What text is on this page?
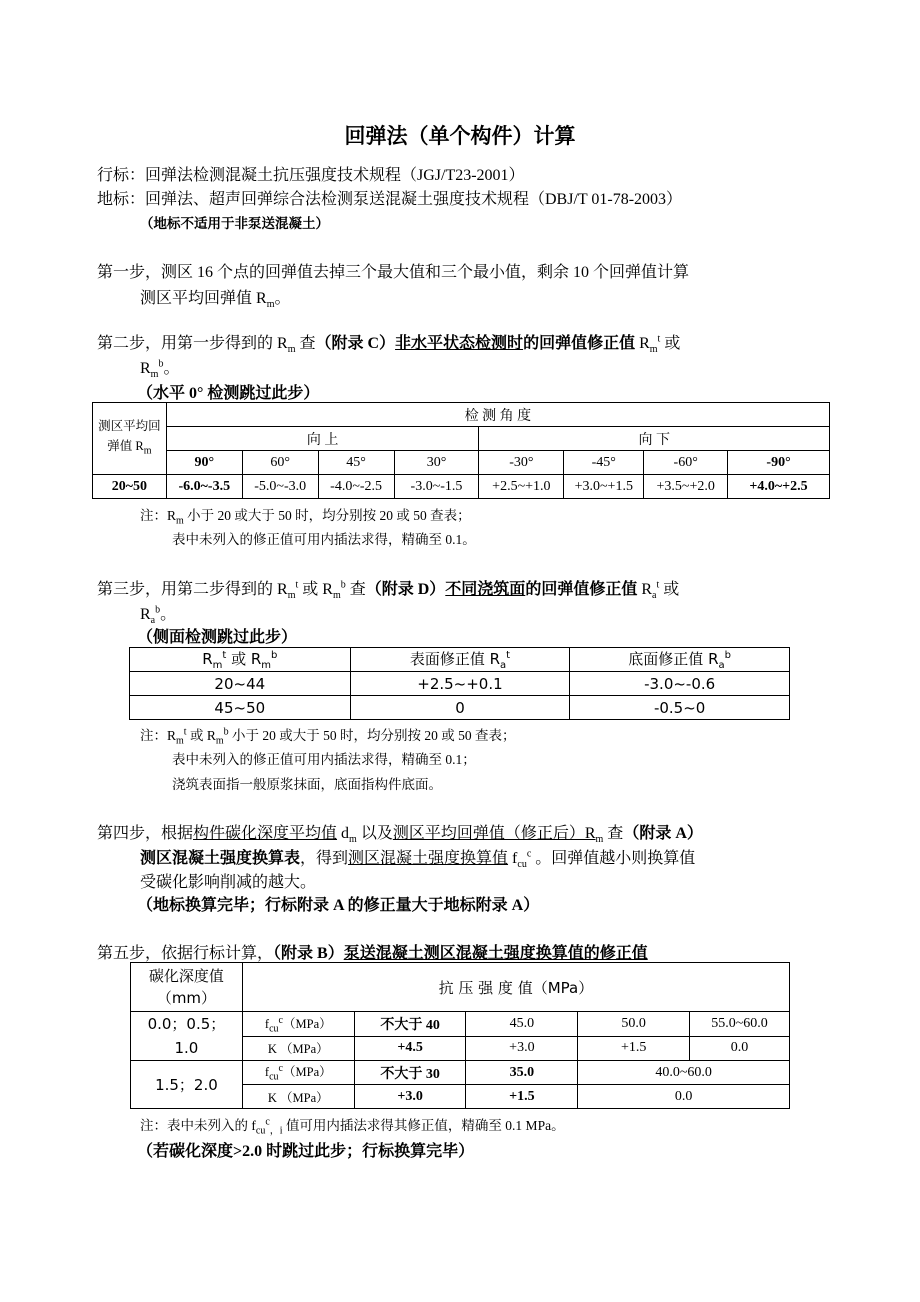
回弹法（单个构件）计算
行标：回弹法检测混凝土抗压强度技术规程（JGJ/T23-2001）
地标：回弹法、超声回弹综合法检测泵送混凝土强度技术规程（DBJ/T 01-78-2003）
（地标不适用于非泵送混凝土）
第一步，测区 16 个点的回弹值去掉三个最大值和三个最小值，剩余 10 个回弹值计算
测区平均回弹值 $R_m$。
第二步，用第一步得到的 $R_m$ 查（附录 C）非水平状态检测时的回弹值修正值 $R_m^t$ 或
$R_m^b$。
（水平 0° 检测跳过此步）
测区平均回弹值 $R_m$	检 测 角 度							
	向 上				向 下			
	90°	60°	45°	30°	-30°	-45°	-60°	-90°
20~50	-6.0~-3.5	-5.0~-3.0	-4.0~-2.5	-3.0~-1.5	+2.5~+1.0	+3.0~+1.5	+3.5~+2.0	+4.0~+2.5
注：$R_m$ 小于 20 或大于 50 时，均分别按 20 或 50 查表；
表中未列入的修正值可用内插法求得，精确至 0.1。
第三步，用第二步得到的 $R_m^t$ 或 $R_m^b$ 查（附录 D）不同浇筑面的回弹值修正值 $R_a^t$ 或
$R_a^b$。
（侧面检测跳过此步）
$R_m^t$ 或 $R_m^b$	表面修正值 $R_a^t$	底面修正值 $R_a^b$
20~44	+2.5~+0.1	-3.0~-0.6
45~50	0	-0.5~0
注：$R_m^t$ 或 $R_m^b$ 小于 20 或大于 50 时，均分别按 20 或 50 查表；
表中未列入的修正值可用内插法求得，精确至 0.1；
浇筑表面指一般原浆抹面，底面指构件底面。
第四步，根据构件碳化深度平均值 $d_m$ 以及测区平均回弹值（修正后）$R_m$ 查（附录 A）
测区混凝土强度换算表，得到测区混凝土强度换算值 $f_{cu}^c$ 。回弹值越小则换算值
受碳化影响削减的越大。
（地标换算完毕；行标附录 A 的修正量大于地标附录 A）
第五步，依据行标计算，（附录 B）泵送混凝土测区混凝土强度换算值的修正值
碳化深度值
（mm）	抗 压 强 度 值（MPa）				
0.0；0.5；
1.0	$f_{cu}^c(MPa)$	不大于 40	45.0	50.0	55.0~60.0
	K （MPa）	+4.5	+3.0	+1.5	0.0
1.5；2.0	$f_{cu}^c(MPa)$	不大于 30	35.0	40.0~60.0	
	K （MPa）	+3.0	+1.5	0.0	
注：表中未列入的 $f_{cu}^c_{,i}$ 值可用内插法求得其修正值，精确至 0.1 MPa。
（若碳化深度>2.0 时跳过此步；行标换算完毕）
